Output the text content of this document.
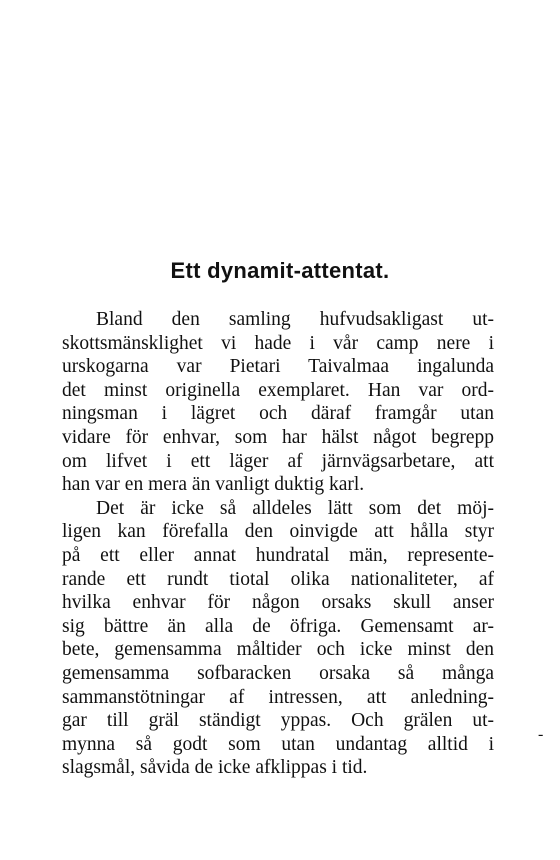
Ett dynamit-attentat.
Bland den samling hufvudsakligast ut-
skottsmänsklighet vi hade i vår camp nere i
urskogarna var Pietari Taivalmaa ingalunda
det minst originella exemplaret. Han var ord-
ningsman i lägret och däraf framgår utan
vidare för enhvar, som har hälst något begrepp
om lifvet i ett läger af järnvägsarbetare, att
han var en mera än vanligt duktig karl.
Det är icke så alldeles lätt som det möj-
ligen kan förefalla den oinvigde att hålla styr
på ett eller annat hundratal män, represente-
rande ett rundt tiotal olika nationaliteter, af
hvilka enhvar för någon orsaks skull anser
sig bättre än alla de öfriga. Gemensamt ar-
bete, gemensamma måltider och icke minst den
gemensamma sofbaracken orsaka så många
sammanstötningar af intressen, att anledning-
gar till gräl ständigt yppas. Och grälen ut-
mynna så godt som utan undantag alltid i
slagsmål, såvida de icke afklippas i tid.
-
